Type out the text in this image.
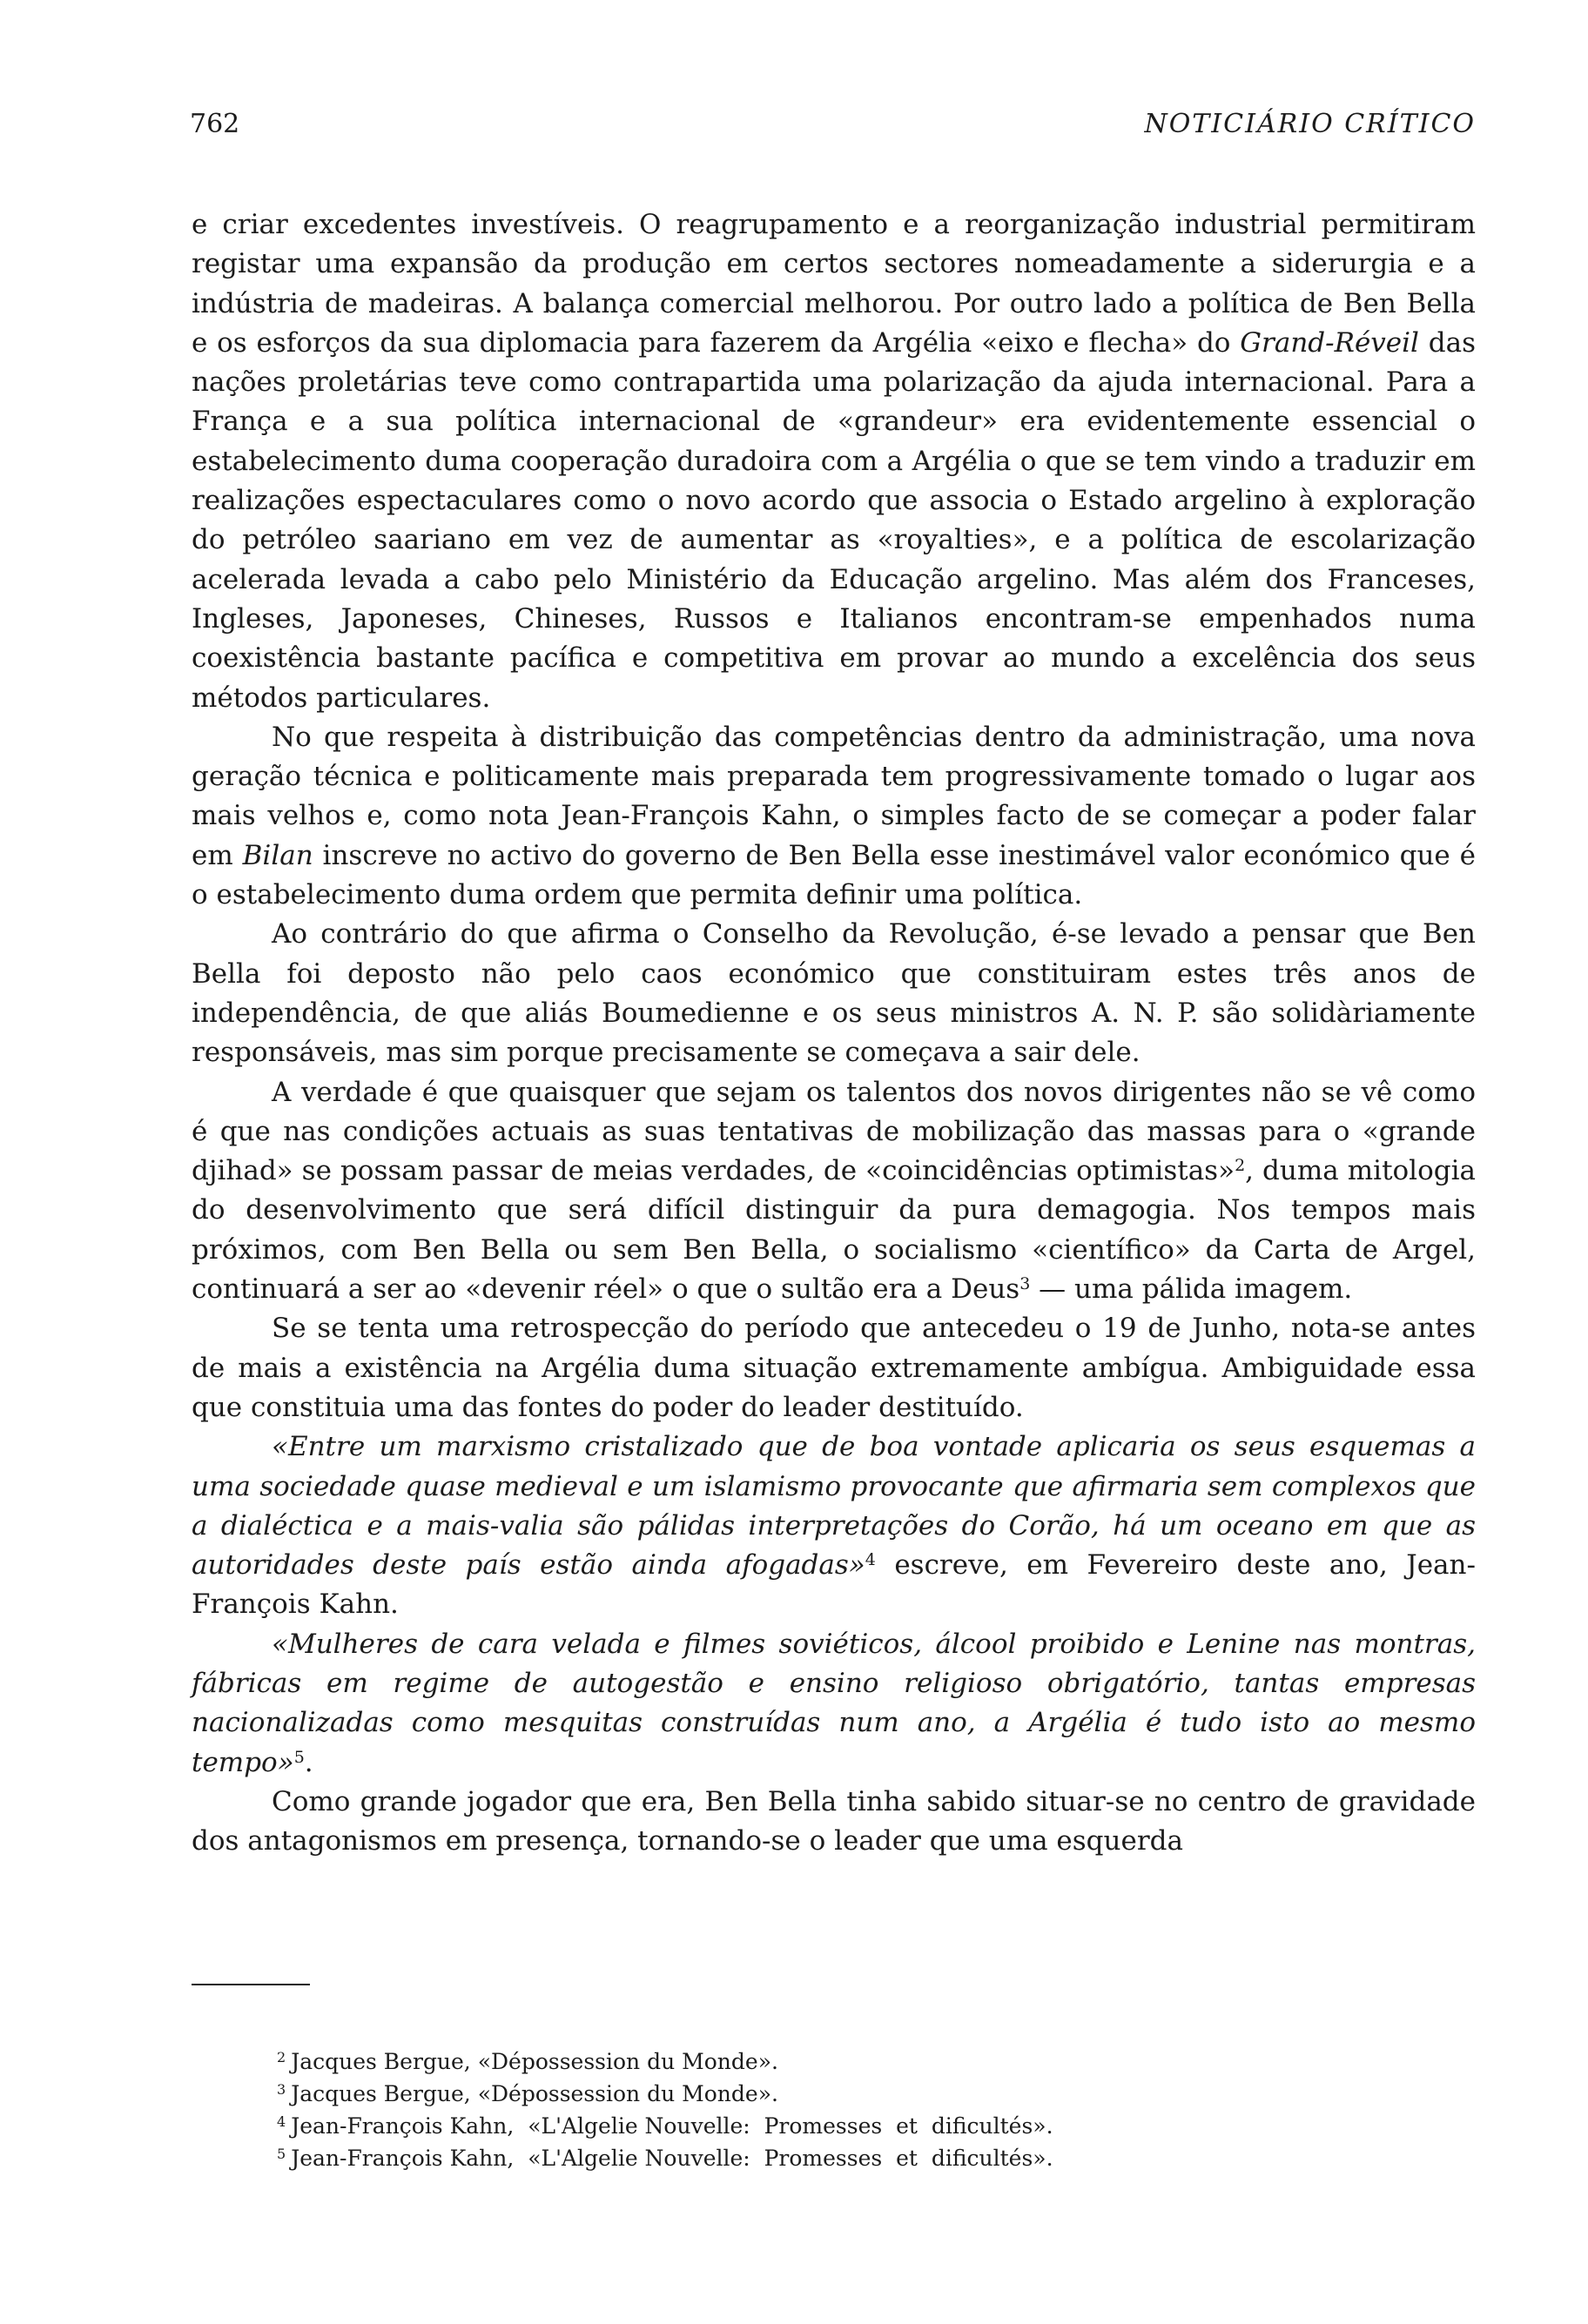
762	NOTICIÁRIO CRÍTICO

e criar excedentes investíveis. O reagrupamento e a reorganização industrial permitiram registar uma expansão da produção em certos sectores nomeadamente a siderurgia e a indústria de madeiras. A balança comercial melhorou. Por outro lado a política de Ben Bella e os esforços da sua diplomacia para fazerem da Argélia «eixo e flecha» do Grand-Réveil das nações proletárias teve como contrapartida uma polarização da ajuda internacional. Para a França e a sua política internacional de «grandeur» era evidentemente essencial o estabelecimento duma cooperação duradoira com a Argélia o que se tem vindo a traduzir em realizações espectaculares como o novo acordo que associa o Estado argelino à exploração do petróleo saariano em vez de aumentar as «royalties», e a política de escolarização acelerada levada a cabo pelo Ministério da Educação argelino. Mas além dos Franceses, Ingleses, Japoneses, Chineses, Russos e Italianos encontram-se empenhados numa coexistência bastante pacífica e competitiva em provar ao mundo a excelência dos seus métodos particulares.

No que respeita à distribuição das competências dentro da administração, uma nova geração técnica e politicamente mais preparada tem progressivamente tomado o lugar aos mais velhos e, como nota Jean-François Kahn, o simples facto de se começar a poder falar em Bilan inscreve no activo do governo de Ben Bella esse inestimável valor económico que é o estabelecimento duma ordem que permita definir uma política.

Ao contrário do que afirma o Conselho da Revolução, é-se levado a pensar que Ben Bella foi deposto não pelo caos económico que constituiram estes três anos de independência, de que aliás Boumedienne e os seus ministros A. N. P. são solidàriamente responsáveis, mas sim porque precisamente se começava a sair dele.

A verdade é que quaisquer que sejam os talentos dos novos dirigentes não se vê como é que nas condições actuais as suas tentativas de mobilização das massas para o «grande djihad» se possam passar de meias verdades, de «coincidências optimistas»$^2$, duma mitologia do desenvolvimento que será difícil distinguir da pura demagogia. Nos tempos mais próximos, com Ben Bella ou sem Ben Bella, o socialismo «científico» da Carta de Argel, continuará a ser ao «devenir réel» o que o sultão era a Deus$^3$ — uma pálida imagem.

Se se tenta uma retrospecção do período que antecedeu o 19 de Junho, nota-se antes de mais a existência na Argélia duma situação extremamente ambígua. Ambiguidade essa que constituia uma das fontes do poder do leader destituído.

«Entre um marxismo cristalizado que de boa vontade aplicaria os seus esquemas a uma sociedade quase medieval e um islamismo provocante que afirmaria sem complexos que a dialéctica e a mais-valia são pálidas interpretações do Corão, há um oceano em que as autoridades deste país estão ainda afogadas»$^4$ escreve, em Fevereiro deste ano, Jean-François Kahn.

«Mulheres de cara velada e filmes soviéticos, álcool proibido e Lenine nas montras, fábricas em regime de autogestão e ensino religioso obrigatório, tantas empresas nacionalizadas como mesquitas construídas num ano, a Argélia é tudo isto ao mesmo tempo»$^5$.

Como grande jogador que era, Ben Bella tinha sabido situar-se no centro de gravidade dos antagonismos em presença, tornando-se o leader que uma esquerda

$^2$ Jacques Bergue, «Dépossession du Monde».
$^3$ Jacques Bergue, «Dépossession du Monde».
$^4$ Jean-François Kahn,  «L'Algelie Nouvelle:  Promesses  et  dificultés».
$^5$ Jean-François Kahn,  «L'Algelie Nouvelle:  Promesses  et  dificultés».
